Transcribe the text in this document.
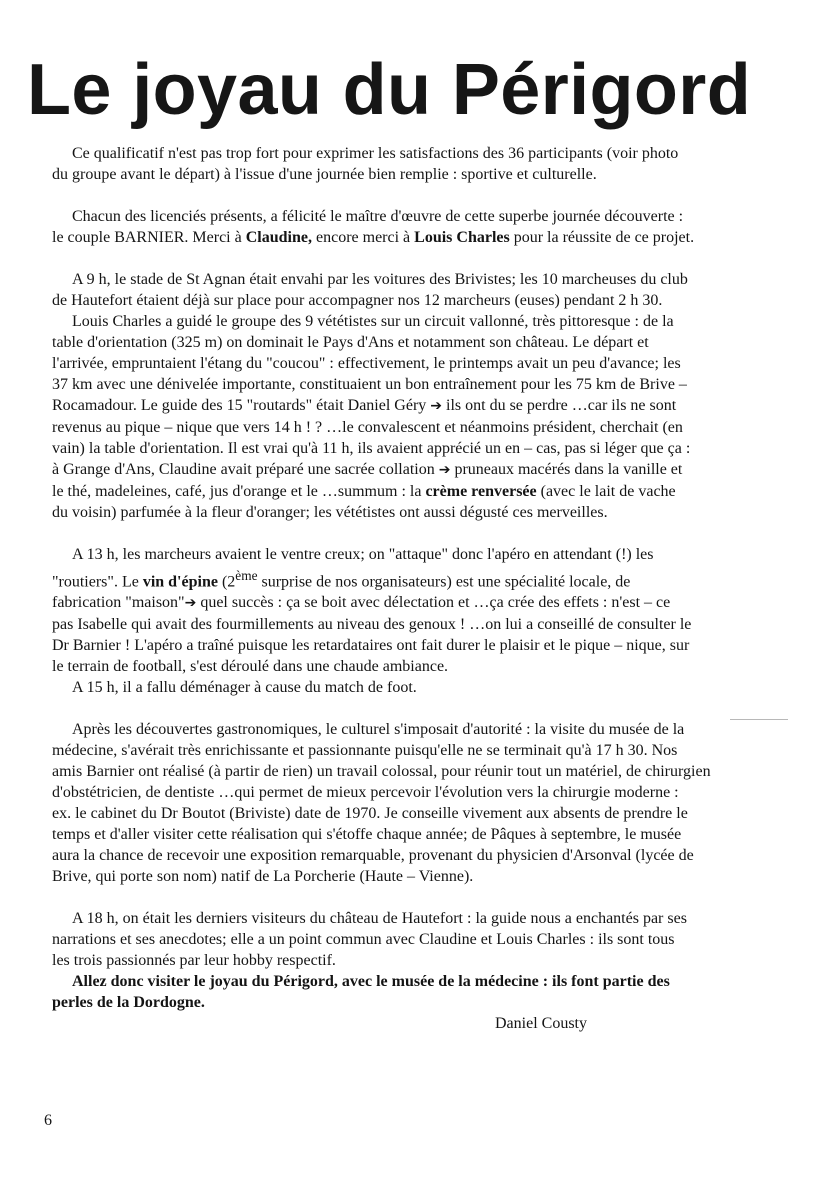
Le joyau du Périgord

Ce qualificatif n'est pas trop fort pour exprimer les satisfactions des 36 participants (voir photo

du groupe avant le départ) à l'issue d'une journée bien remplie : sportive et culturelle.

Chacun des licenciés présents, a félicité le maître d'œuvre de cette superbe journée découverte :

le couple BARNIER. Merci à Claudine, encore merci à Louis Charles pour la réussite de ce projet.

A 9 h, le stade de St Agnan était envahi par les voitures des Brivistes; les 10 marcheuses du club

de Hautefort étaient déjà sur place pour accompagner nos 12 marcheurs (euses) pendant 2 h 30.

Louis Charles a guidé le groupe des 9 vététistes sur un circuit vallonné, très pittoresque : de la

table d'orientation (325 m) on dominait le Pays d'Ans et notamment son château. Le départ et

l'arrivée, empruntaient l'étang du "coucou" : effectivement, le printemps avait un peu d'avance; les

37 km avec une dénivelée importante, constituaient un bon entraînement pour les 75 km de Brive –

Rocamadour. Le guide des 15 "routards" était Daniel Géry ➔ ils ont du se perdre …car ils ne sont

revenus au pique – nique que vers 14 h ! ? …le convalescent et néanmoins président, cherchait (en

vain) la table d'orientation. Il est vrai qu'à 11 h, ils avaient apprécié un en – cas, pas si léger que ça :

à Grange d'Ans, Claudine avait préparé une sacrée collation ➔ pruneaux macérés dans la vanille et

le thé, madeleines, café, jus d'orange et le …summum : la crème renversée (avec le lait de vache

du voisin) parfumée à la fleur d'oranger; les vététistes ont aussi dégusté ces merveilles.

A 13 h, les marcheurs avaient le ventre creux; on "attaque" donc l'apéro en attendant (!) les

"routiers". Le vin d'épine (2ème surprise de nos organisateurs) est une spécialité locale, de

fabrication "maison"➔ quel succès : ça se boit avec délectation et …ça crée des effets : n'est – ce

pas Isabelle qui avait des fourmillements au niveau des genoux ! …on lui a conseillé de consulter le

Dr Barnier ! L'apéro a traîné puisque les retardataires ont fait durer le plaisir et le pique – nique, sur

le terrain de football, s'est déroulé dans une chaude ambiance.

A 15 h, il a fallu déménager à cause du match de foot.

Après les découvertes gastronomiques, le culturel s'imposait d'autorité : la visite du musée de la

médecine, s'avérait très enrichissante et passionnante puisqu'elle ne se terminait qu'à 17 h 30. Nos

amis Barnier ont réalisé (à partir de rien) un travail colossal, pour réunir tout un matériel, de chirurgien

d'obstétricien, de dentiste …qui permet de mieux percevoir l'évolution vers la chirurgie moderne :

ex. le cabinet du Dr Boutot (Briviste) date de 1970. Je conseille vivement aux absents de prendre le

temps et d'aller visiter cette réalisation qui s'étoffe chaque année; de Pâques à septembre, le musée

aura la chance de recevoir une exposition remarquable, provenant du physicien d'Arsonval (lycée de

Brive, qui porte son nom) natif de La Porcherie (Haute – Vienne).

A 18 h, on était les derniers visiteurs du château de Hautefort : la guide nous a enchantés par ses

narrations et ses anecdotes; elle a un point commun avec Claudine et Louis Charles : ils sont tous

les trois passionnés par leur hobby respectif.

Allez donc visiter le joyau du Périgord, avec le musée de la médecine : ils font partie des

perles de la Dordogne.

Daniel Cousty

6
